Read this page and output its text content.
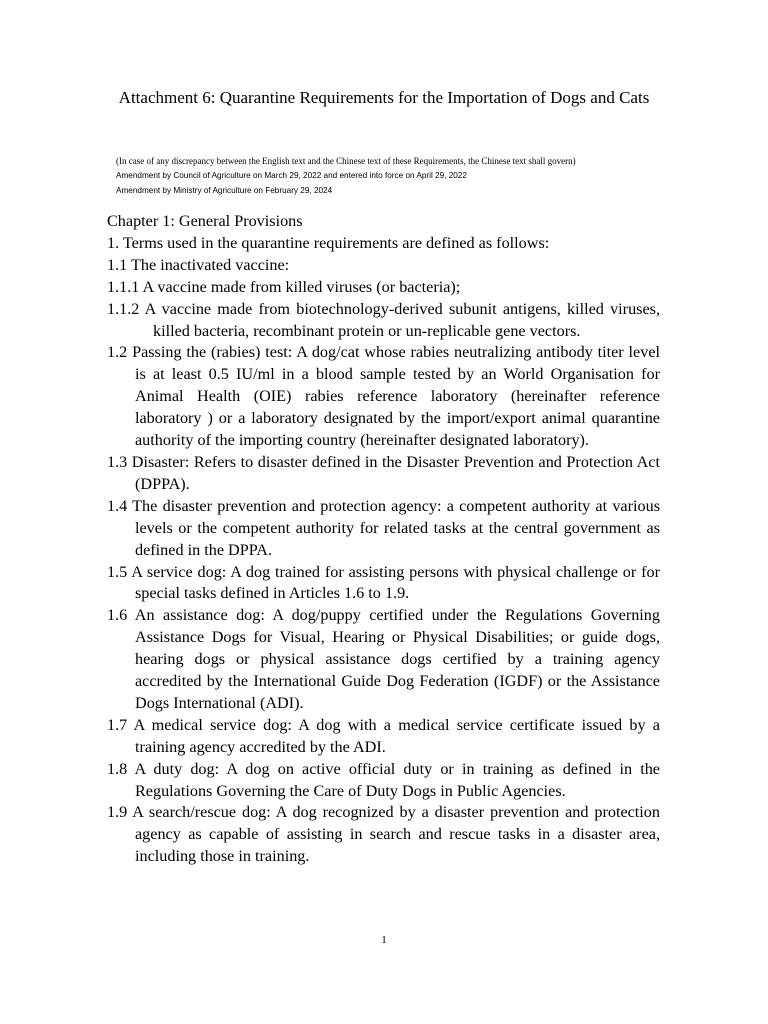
Attachment 6: Quarantine Requirements for the Importation of Dogs and Cats
(In case of any discrepancy between the English text and the Chinese text of these Requirements, the Chinese text shall govern)
Amendment by Council of Agriculture on March 29, 2022 and entered into force on April 29, 2022
Amendment by Ministry of Agriculture on February 29, 2024
Chapter 1: General Provisions
1. Terms used in the quarantine requirements are defined as follows:
1.1 The inactivated vaccine:
1.1.1 A vaccine made from killed viruses (or bacteria);
1.1.2 A vaccine made from biotechnology-derived subunit antigens, killed viruses, killed bacteria, recombinant protein or un-replicable gene vectors.
1.2 Passing the (rabies) test: A dog/cat whose rabies neutralizing antibody titer level is at least 0.5 IU/ml in a blood sample tested by an World Organisation for Animal Health (OIE) rabies reference laboratory (hereinafter reference laboratory ) or a laboratory designated by the import/export animal quarantine authority of the importing country (hereinafter designated laboratory).
1.3 Disaster: Refers to disaster defined in the Disaster Prevention and Protection Act (DPPA).
1.4 The disaster prevention and protection agency: a competent authority at various levels or the competent authority for related tasks at the central government as defined in the DPPA.
1.5 A service dog: A dog trained for assisting persons with physical challenge or for special tasks defined in Articles 1.6 to 1.9.
1.6 An assistance dog: A dog/puppy certified under the Regulations Governing Assistance Dogs for Visual, Hearing or Physical Disabilities; or guide dogs, hearing dogs or physical assistance dogs certified by a training agency accredited by the International Guide Dog Federation (IGDF) or the Assistance Dogs International (ADI).
1.7 A medical service dog: A dog with a medical service certificate issued by a training agency accredited by the ADI.
1.8 A duty dog: A dog on active official duty or in training as defined in the Regulations Governing the Care of Duty Dogs in Public Agencies.
1.9 A search/rescue dog: A dog recognized by a disaster prevention and protection agency as capable of assisting in search and rescue tasks in a disaster area, including those in training.
1
